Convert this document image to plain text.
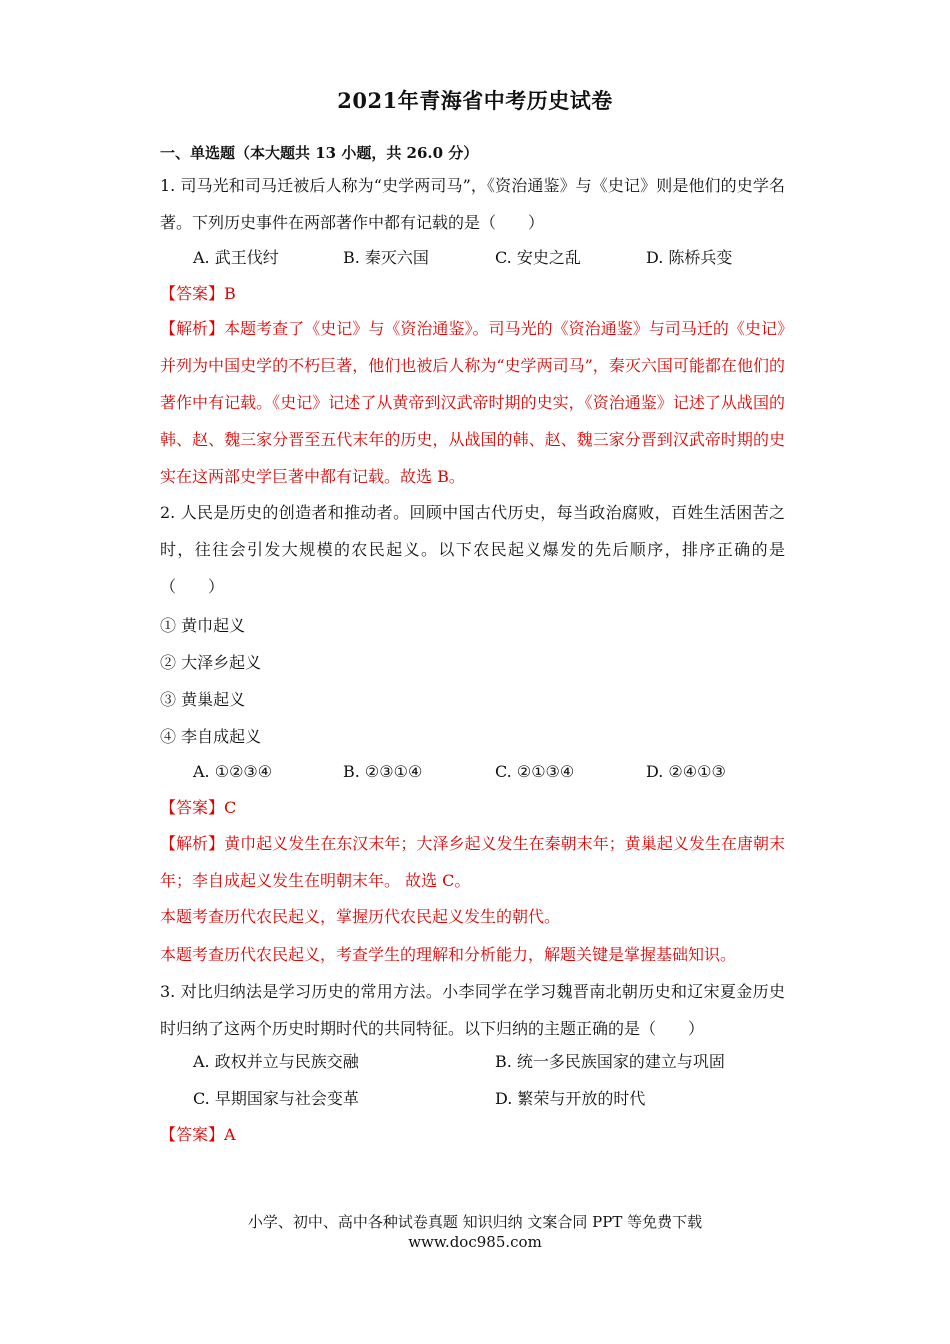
2021年青海省中考历史试卷
一、单选题（本大题共 13 小题，共 26.0 分）
1. 司马光和司马迁被后人称为“史学两司马”，《资治通鉴》与《史记》则是他们的史学名著。下列历史事件在两部著作中都有记载的是（　　）
A. 武王伐纣	B. 秦灭六国	C. 安史之乱	D. 陈桥兵变
【答案】B
【解析】本题考查了《史记》与《资治通鉴》。司马光的《资治通鉴》与司马迁的《史记》并列为中国史学的不朽巨著，他们也被后人称为“史学两司马”，秦灭六国可能都在他们的著作中有记载。《史记》记述了从黄帝到汉武帝时期的史实，《资治通鉴》记述了从战国的韩、赵、魏三家分晋至五代末年的历史，从战国的韩、赵、魏三家分晋到汉武帝时期的史实在这两部史学巨著中都有记载。故选 B。
2. 人民是历史的创造者和推动者。回顾中国古代历史，每当政治腐败，百姓生活困苦之时，往往会引发大规模的农民起义。以下农民起义爆发的先后顺序，排序正确的是（　　）
① 黄巾起义
② 大泽乡起义
③ 黄巢起义
④ 李自成起义
A. ①②③④	B. ②③①④	C. ②①③④	D. ②④①③
【答案】C
【解析】黄巾起义发生在东汉末年；大泽乡起义发生在秦朝末年；黄巢起义发生在唐朝末年；李自成起义发生在明朝末年。 故选 C。
本题考查历代农民起义，掌握历代农民起义发生的朝代。
本题考查历代农民起义，考查学生的理解和分析能力，解题关键是掌握基础知识。
3. 对比归纳法是学习历史的常用方法。小李同学在学习魏晋南北朝历史和辽宋夏金历史时归纳了这两个历史时期时代的共同特征。以下归纳的主题正确的是（　　）
A. 政权并立与民族交融	B. 统一多民族国家的建立与巩固
C. 早期国家与社会变革	D. 繁荣与开放的时代
【答案】A
小学、初中、高中各种试卷真题 知识归纳 文案合同 PPT 等免费下载
www.doc985.com
